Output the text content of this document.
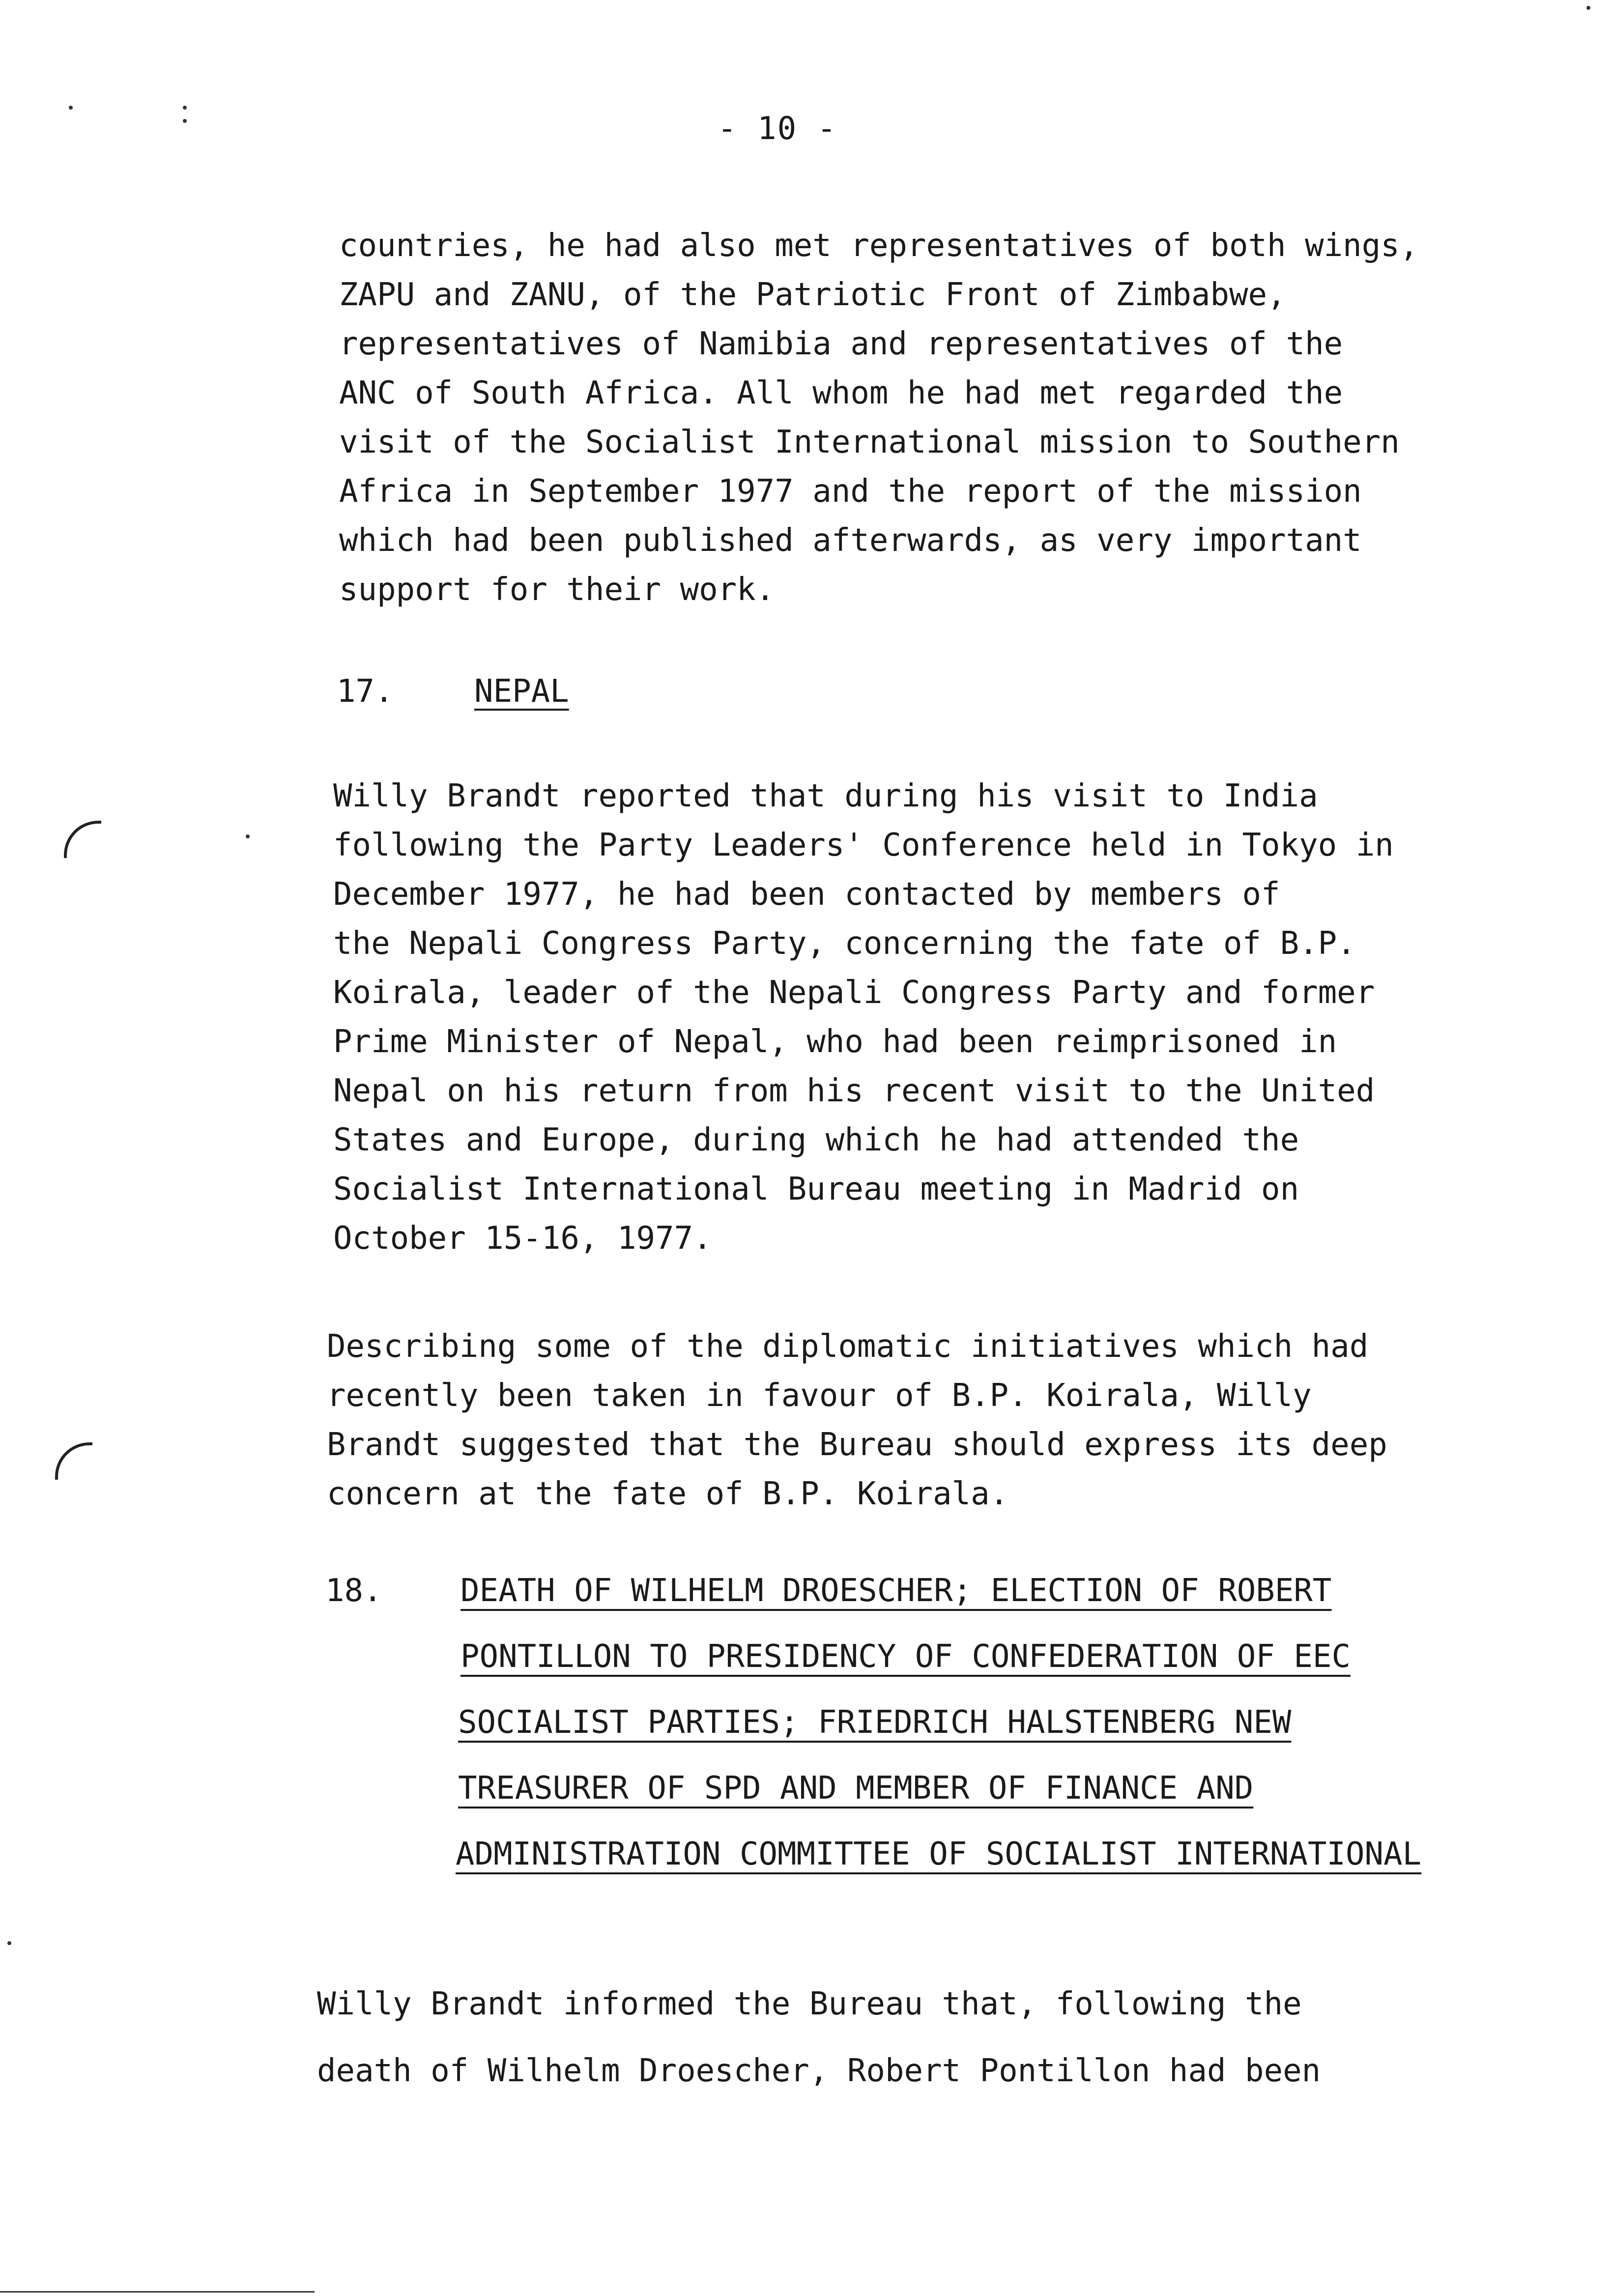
- 10 -
countries, he had also met representatives of both wings,
ZAPU and ZANU, of the Patriotic Front of Zimbabwe,
representatives of Namibia and representatives of the
ANC of South Africa. All whom he had met regarded the
visit of the Socialist International mission to Southern
Africa in September 1977 and the report of the mission
which had been published afterwards, as very important
support for their work.
17.	NEPAL
Willy Brandt reported that during his visit to India
following the Party Leaders' Conference held in Tokyo in
December 1977, he had been contacted by members of
the Nepali Congress Party, concerning the fate of B.P.
Koirala, leader of the Nepali Congress Party and former
Prime Minister of Nepal, who had been reimprisoned in
Nepal on his return from his recent visit to the United
States and Europe, during which he had attended the
Socialist International Bureau meeting in Madrid on
October 15-16, 1977.
Describing some of the diplomatic initiatives which had
recently been taken in favour of B.P. Koirala, Willy
Brandt suggested that the Bureau should express its deep
concern at the fate of B.P. Koirala.
18. DEATH OF WILHELM DROESCHER; ELECTION OF ROBERT
PONTILLON TO PRESIDENCY OF CONFEDERATION OF EEC
SOCIALIST PARTIES; FRIEDRICH HALSTENBERG NEW
TREASURER OF SPD AND MEMBER OF FINANCE AND
ADMINISTRATION COMMITTEE OF SOCIALIST INTERNATIONAL
Willy Brandt informed the Bureau that, following the
death of Wilhelm Droescher, Robert Pontillon had been
